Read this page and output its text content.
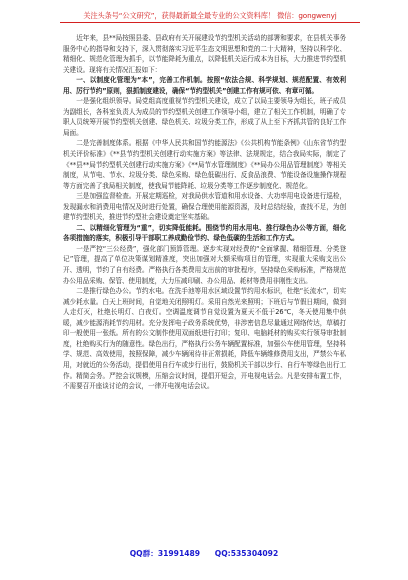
关注头条号“公文研究”，获得最新最全最专业的公文资料库！ 微信：gongwenyj

近年来，县**局按照县委、县政府有关开展建设节约型机关活动的部署和要求，在县机关事务服务中心的指导和支持下，深入贯彻落实习近平生态文明思想和党的二十大精神，坚持以科学化、精细化、规范化管理为抓手，以节能降耗为重点，以降低机关运行成本为目标，大力推进节约型机关建设。现将有关情况汇报如下：

一、以制度化管理为“本”，完善工作机制。按照“依法合规、科学规划、规范配置、有效利用、厉行节约”原则，狠抓制度建设，确保“节约型机关”创建工作有规可依、有章可循。

一是强化组织领导。局党组高度重视节约型机关建设，成立了以局主要领导为组长，班子成员为副组长，各科室负责人为成员的节约型机关创建工作领导小组，建立了相关工作机制，明确了专职人员统筹开展节约型机关创建、绿色机关、垃圾分类工作，形成了从上至下齐抓共管的良好工作局面。

二是完善制度体系。根据《中华人民共和国节约能源法》《公共机构节能条例》《山东省节约型机关评价标准》《**县节约型机关创建行动实施方案》等法律、法规规定，结合我局实际，制定了《**县**局节约型机关创建行动实施方案》《**局节水管理制度》《**局办公用品管理制度》等相关制度，从节电、节水、垃圾分类、绿色采购、绿色低碳出行、反食品浪费、节能设备设施操作规程等方面完善了我局相关制度，使我局节能降耗、垃圾分类等工作逐步制度化、规范化。

三是加强监督检查。开展定期巡检，对我局供水管道和用水设备、大功率用电设备进行巡检，发现漏水和消费用电情况及时进行处置，确保合理使用能源资源，及时总结经验，查找不足，为创建节约型机关，推进节约型社会建设奠定坚实基础。

二、以精细化管理为“重”，切实降低能耗。围绕节约用水用电、推行绿色办公等方面，细化各项措施的落实，积极引导干部职工养成勤俭节约、绿色低碳的生活和工作方式。

一是严控“三公经费”，强化部门预算管理。逐步实现对经费的“全面掌握、精细管理、分类登记”管理，提高了单位决策谋划精准度，突出加强对大额采购项目的管理，实现重大采购支出公开、透明，节约了自有经费。严格执行各类费用支出前的审批程序，坚持绿色采购标准，严格规范办公用品采购、保管、使用制度，大力压减印刷、办公用品、耗材等费用非刚性支出。

二是推行绿色办公。节约水电。在洗手池等用水区域设置节约用水标识，杜绝“长流水”，切实减少耗水量。白天上班时间，自觉地关闭照明灯。采用自然光来照明；下班后与节假日期间，做到人走灯灭，杜绝长明灯、白夜灯。空调温度调节自觉设置为夏天不低于26℃，冬天使用集中供暖，减少能源消耗节约用材。充分发挥电子政务系统优势，非涉密信息尽量通过网络传达，草稿打印一般使用一张纸。所有的公文制作使用双面纸进行打印；复印、电脑耗材的购买实行领导审批制度，杜绝购买行为的随意性。绿色出行，严格执行公务车辆配置标准，加强公车使用管理，坚持科学、规范、高效使用，按照保障，减少车辆闲待非正常损耗，降低车辆维修费用支出，严禁公车私用，对就近的公务活动，提倡使用自行车或步行出行，鼓励机关干部以步行、自行车等绿色出行工作。精简会务。严控会议规模，压缩会议时间，提倡开短会，开电视电话会。凡是安排布置工作，不需要召开座谈讨论的会议，一律开电视电话会议。

QQ群：31991489 QQ:535304092
